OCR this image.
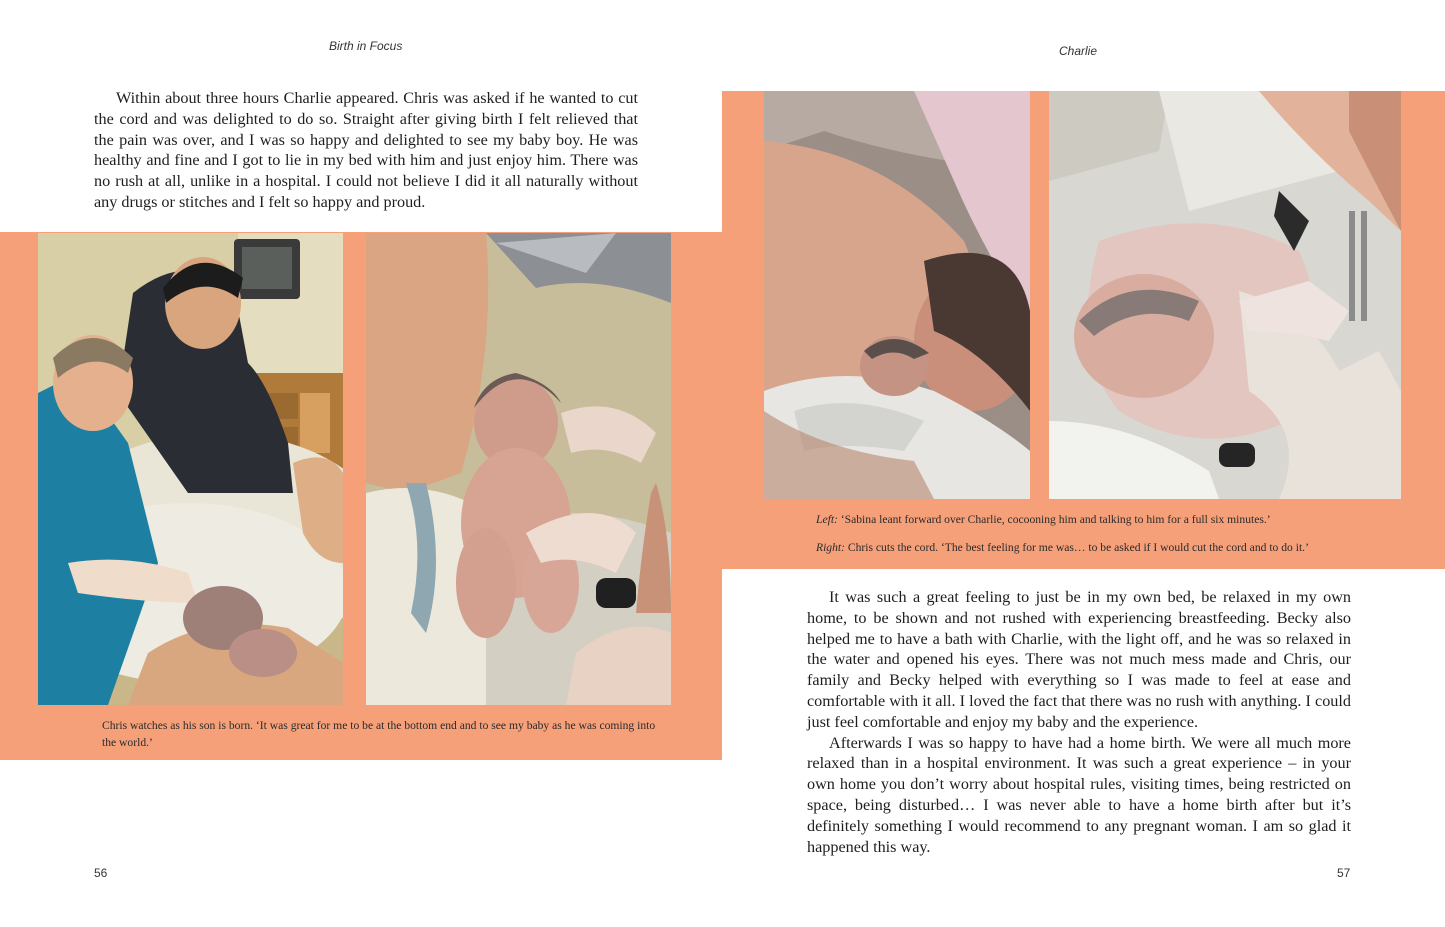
Birth in Focus

Within about three hours Charlie appeared. Chris was asked if he wanted to cut the cord and was delighted to do so. Straight after giving birth I felt relieved that the pain was over, and I was so happy and delighted to see my baby boy. He was healthy and fine and I got to lie in my bed with him and just enjoy him. There was no rush at all, unlike in a hospital. I could not believe I did it all naturally without any drugs or stitches and I felt so happy and proud.

Chris watches as his son is born. ‘It was great for me to be at the bottom end and to see my baby as he was coming into the world.’

56
Charlie

Left: ‘Sabina leant forward over Charlie, cocooning him and talking to him for a full six minutes.’

Right: Chris cuts the cord. ‘The best feeling for me was… to be asked if I would cut the cord and to do it.’

It was such a great feeling to just be in my own bed, be relaxed in my own home, to be shown and not rushed with experiencing breastfeeding. Becky also helped me to have a bath with Charlie, with the light off, and he was so relaxed in the water and opened his eyes. There was not much mess made and Chris, our family and Becky helped with everything so I was made to feel at ease and comfortable with it all. I loved the fact that there was no rush with anything. I could just feel comfortable and enjoy my baby and the experience.

Afterwards I was so happy to have had a home birth. We were all much more relaxed than in a hospital environment. It was such a great experience – in your own home you don’t worry about hospital rules, visiting times, being restricted on space, being disturbed… I was never able to have a home birth after but it’s definitely something I would recommend to any pregnant woman. I am so glad it happened this way.

57
